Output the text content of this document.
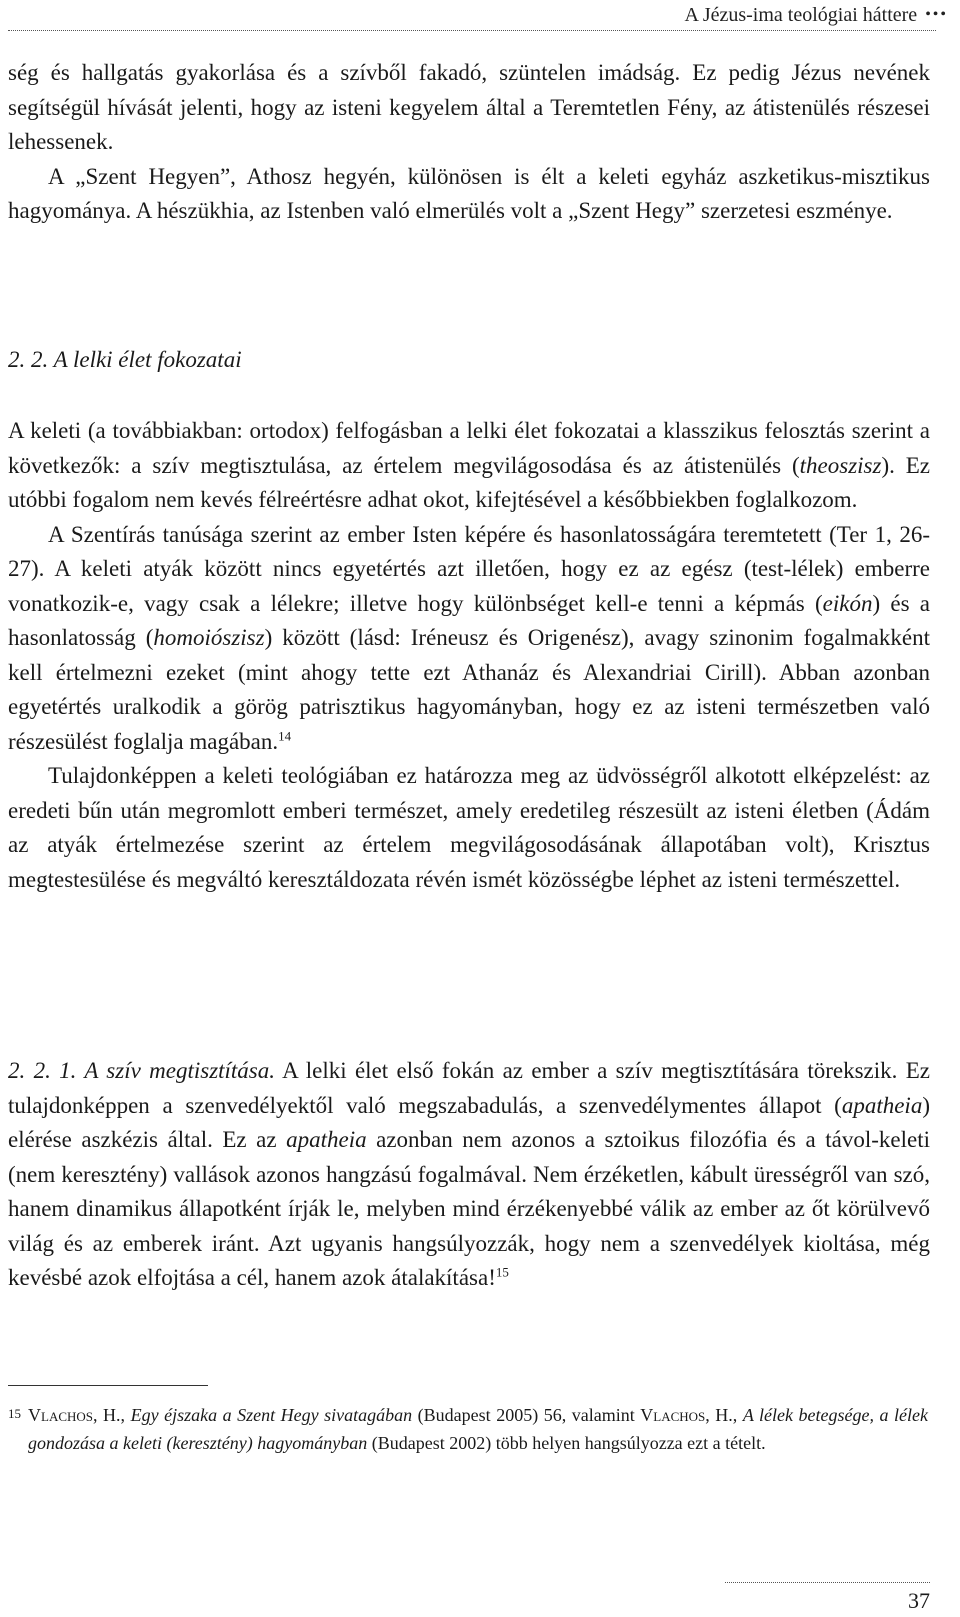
A Jézus-ima teológiai háttere •••

ség és hallgatás gyakorlása és a szívből fakadó, szüntelen imádság. Ez pedig Jézus nevének segítségül hívását jelenti, hogy az isteni kegyelem által a Teremtetlen Fény, az átistenülés részesei lehessenek.

A „Szent Hegyen”, Athosz hegyén, különösen is élt a keleti egyház aszketikus-misztikus hagyománya. A hészükhia, az Istenben való elmerülés volt a „Szent Hegy” szerzetesi eszménye.

2. 2. A lelki élet fokozatai

A keleti (a továbbiakban: ortodox) felfogásban a lelki élet fokozatai a klasszikus felosztás szerint a következők: a szív megtisztulása, az értelem megvilágosodása és az átistenülés (theoszisz). Ez utóbbi fogalom nem kevés félreértésre adhat okot, kifejtésével a későbbiekben foglalkozom.

A Szentírás tanúsága szerint az ember Isten képére és hasonlatosságára teremtetett (Ter 1, 26-27). A keleti atyák között nincs egyetértés azt illetően, hogy ez az egész (test-lélek) emberre vonatkozik-e, vagy csak a lélekre; illetve hogy különbséget kell-e tenni a képmás (eikón) és a hasonlatosság (homoiószisz) között (lásd: Iréneusz és Origenész), avagy szinonim fogalmakként kell értelmezni ezeket (mint ahogy tette ezt Athanáz és Alexandriai Cirill). Abban azonban egyetértés uralkodik a görög patrisztikus hagyományban, hogy ez az isteni természetben való részesülést foglalja magában.$^{14}$

Tulajdonképpen a keleti teológiában ez határozza meg az üdvösségről alkotott elképzelést: az eredeti bűn után megromlott emberi természet, amely eredetileg részesült az isteni életben (Ádám az atyák értelmezése szerint az értelem megvilágosodásának állapotában volt), Krisztus megtestesülése és megváltó keresztáldozata révén ismét közösségbe léphet az isteni természettel.

2. 2. 1. A szív megtisztítása. A lelki élet első fokán az ember a szív megtisztítására törekszik. Ez tulajdonképpen a szenvedélyektől való megszabadulás, a szenvedélymentes állapot (apatheia) elérése aszkézis által. Ez az apatheia azonban nem azonos a sztoikus filozófia és a távol-keleti (nem keresztény) vallások azonos hangzású fogalmával. Nem érzéketlen, kábult ürességről van szó, hanem dinamikus állapotként írják le, melyben mind érzékenyebbé válik az ember az őt körülvevő világ és az emberek iránt. Azt ugyanis hangsúlyozzák, hogy nem a szenvedélyek kioltása, még kevésbé azok elfojtása a cél, hanem azok átalakítása!$^{15}$

15 Vlachos, H., Egy éjszaka a Szent Hegy sivatagában (Budapest 2005) 56, valamint Vlachos, H., A lélek betegsége, a lélek gondozása a keleti (keresztény) hagyományban (Budapest 2002) több helyen hangsúlyozza ezt a tételt.
37
